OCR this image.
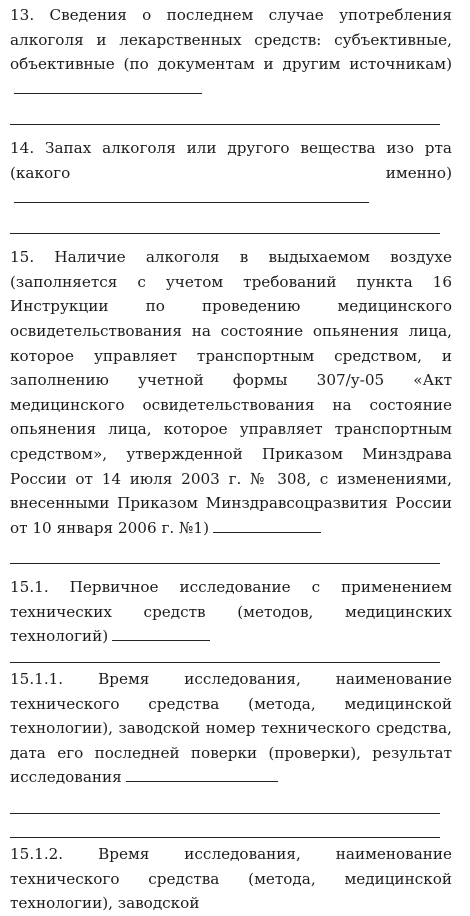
13. Сведения о последнем случае употребления алкоголя и лекарственных средств: субъективные, объективные (по документам и другим источникам)
14. Запах алкоголя или другого вещества изо рта (какого именно)
15. Наличие алкоголя в выдыхаемом воздухе (заполняется с учетом требований пункта 16 Инструкции по проведению медицинского освидетельствования на состояние опьянения лица, которое управляет транспортным средством, и заполнению учетной формы 307/у-05 «Акт медицинского освидетельствования на состояние опьянения лица, которое управляет транспортным средством», утвержденной Приказом Минздрава России от 14 июля 2003 г. № 308, с изменениями, внесенными Приказом Минздравсоцразвития России от 10 января 2006 г. №1)
15.1. Первичное исследование с применением технических средств (методов, медицинских технологий)
15.1.1. Время исследования, наименование технического средства (метода, медицинской технологии), заводской номер технического средства, дата его последней поверки (проверки), результат исследования
15.1.2. Время исследования, наименование технического средства (метода, медицинской технологии), заводской
